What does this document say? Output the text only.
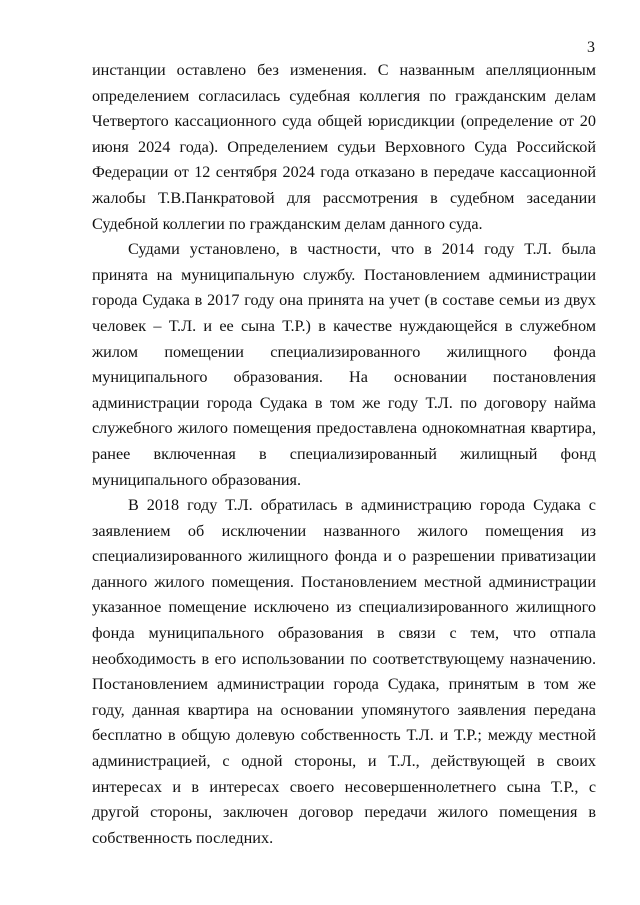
3

инстанции оставлено без изменения. С названным апелляционным определением согласилась судебная коллегия по гражданским делам Четвертого кассационного суда общей юрисдикции (определение от 20 июня 2024 года). Определением судьи Верховного Суда Российской Федерации от 12 сентября 2024 года отказано в передаче кассационной жалобы Т.В.Панкратовой для рассмотрения в судебном заседании Судебной коллегии по гражданским делам данного суда.

Судами установлено, в частности, что в 2014 году Т.Л. была принята на муниципальную службу. Постановлением администрации города Судака в 2017 году она принята на учет (в составе семьи из двух человек – Т.Л. и ее сына Т.Р.) в качестве нуждающейся в служебном жилом помещении специализированного жилищного фонда муниципального образования. На основании постановления администрации города Судака в том же году Т.Л. по договору найма служебного жилого помещения предоставлена однокомнатная квартира, ранее включенная в специализированный жилищный фонд муниципального образования.

В 2018 году Т.Л. обратилась в администрацию города Судака с заявлением об исключении названного жилого помещения из специализированного жилищного фонда и о разрешении приватизации данного жилого помещения. Постановлением местной администрации указанное помещение исключено из специализированного жилищного фонда муниципального образования в связи с тем, что отпала необходимость в его использовании по соответствующему назначению. Постановлением администрации города Судака, принятым в том же году, данная квартира на основании упомянутого заявления передана бесплатно в общую долевую собственность Т.Л. и Т.Р.; между местной администрацией, с одной стороны, и Т.Л., действующей в своих интересах и в интересах своего несовершеннолетнего сына Т.Р., с другой стороны, заключен договор передачи жилого помещения в собственность последних.
